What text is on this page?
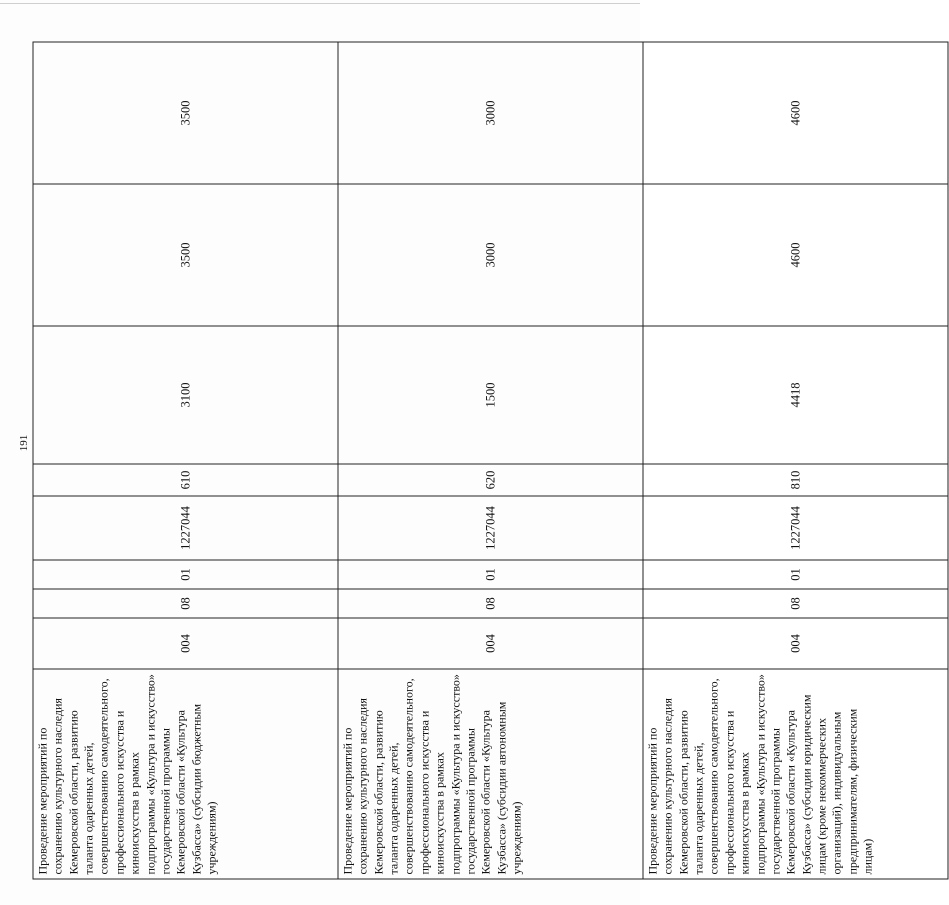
191
Проведение мероприятий по сохранению культурного наследия Кемеровской области, развитию таланта одаренных детей, совершенствованию самодеятельного, профессионального искусства и киноискусства в рамках подпрограммы «Культура и искусство» государственной программы Кемеровской области «Культура Кузбасса» (субсидии бюджетным учреждениям)	004	08	01	1227044	610	3100	3500	3500
Проведение мероприятий по сохранению культурного наследия Кемеровской области, развитию таланта одаренных детей, совершенствованию самодеятельного, профессионального искусства и киноискусства в рамках подпрограммы «Культура и искусство» государственной программы Кемеровской области «Культура Кузбасса» (субсидии автономным учреждениям)	004	08	01	1227044	620	1500	3000	3000
Проведение мероприятий по сохранению культурного наследия Кемеровской области, развитию таланта одаренных детей, совершенствованию самодеятельного, профессионального искусства и киноискусства в рамках подпрограммы «Культура и искусство» государственной программы Кемеровской области «Культура Кузбасса» (субсидии юридическим лицам (кроме некоммерческих организаций), индивидуальным предпринимателям, физическим лицам)	004	08	01	1227044	810	4418	4600	4600
